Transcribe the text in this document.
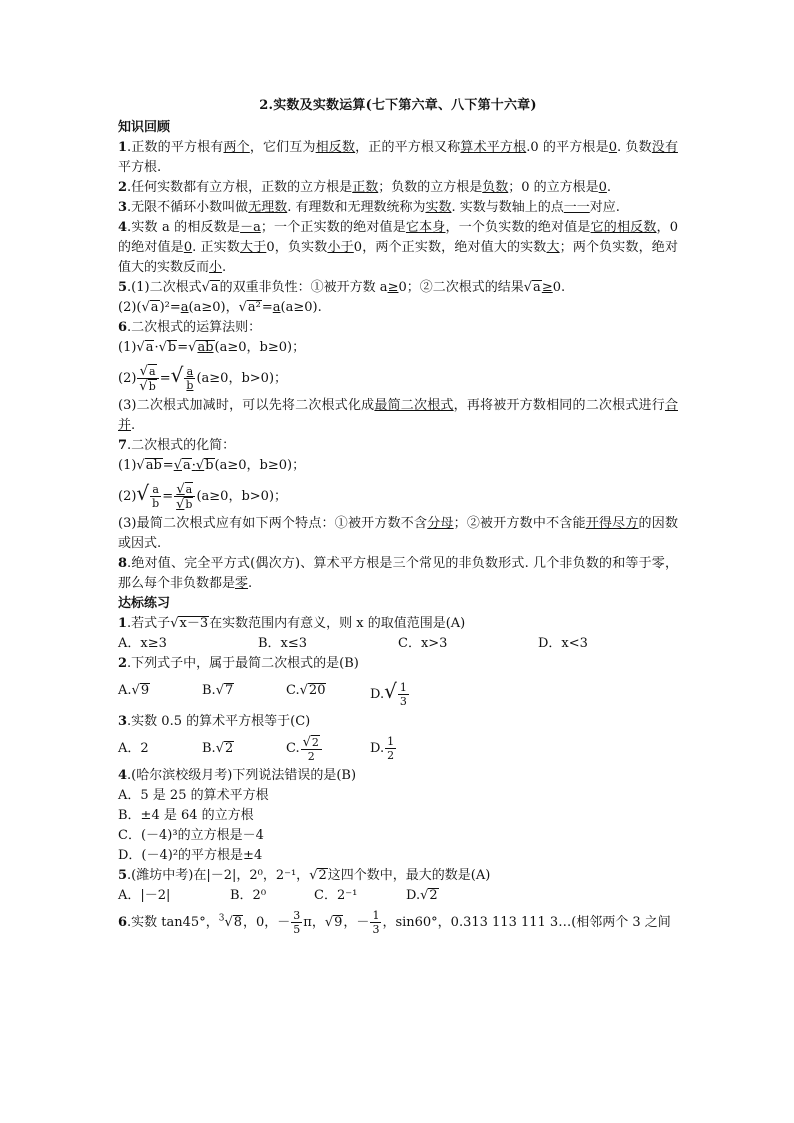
2.实数及实数运算(七下第六章、八下第十六章)
知识回顾

1.正数的平方根有两个，它们互为相反数，正的平方根又称算术平方根.0 的平方根是0. 负数没有平方根.

2.任何实数都有立方根，正数的立方根是正数；负数的立方根是负数；0 的立方根是0.

3.无限不循环小数叫做无理数. 有理数和无理数统称为实数. 实数与数轴上的点一一对应.

4.实数 a 的相反数是－a；一个正实数的绝对值是它本身，一个负实数的绝对值是它的相反数，0 的绝对值是0. 正实数大于0，负实数小于0，两个正实数，绝对值大的实数大；两个负实数，绝对值大的实数反而小.

5.(1)二次根式√a的双重非负性：①被开方数 a≥0；②二次根式的结果√a≥0.

(2)(√a)²=a(a≥0)，√a²=a(a≥0).

6.二次根式的运算法则：

(1)√a·√b=√ab(a≥0，b≥0)；

$(2) \frac{√a}{√b}$ =√ $\frac{a}{b} (a\ge 0$，b>0)；

(3)二次根式加减时，可以先将二次根式化成最简二次根式，再将被开方数相同的二次根式进行合并.

7.二次根式的化简：

(1)√ab=√a·√b(a≥0，b≥0)；

$(2)√ \frac{a}{b} = \frac{√a}{√b} (a\ge 0$，b>0)；

(3)最简二次根式应有如下两个特点：①被开方数不含分母；②被开方数中不含能开得尽方的因数或因式.

8.绝对值、完全平方式(偶次方)、算术平方根是三个常见的非负数形式. 几个非负数的和等于零，那么每个非负数都是零.

达标练习

1.若式子√x－3在实数范围内有意义，则 x 的取值范围是(A)

A．x≥3	B．x≤3	C．x>3	D．x<3

2.下列式子中，属于最简二次根式的是(B)

A.√9	B.√7	C.√20	$D.√ \frac{1}{3}$

3.实数 0.5 的算术平方根等于(C)

A．2	B.√2	C. $\frac{√2}{2}$	D. $\frac{1}{2}$

4.(哈尔滨校级月考)下列说法错误的是(B)

A．5 是 25 的算术平方根

B．±4 是 64 的立方根

C．(－4)³的立方根是－4

D．(－4)²的平方根是±4

5.(潍坊中考)在|－2|，2⁰，2⁻¹，√2这四个数中，最大的数是(A)

A．|－2|	B．2⁰	C．2⁻¹	D.√2

6.实数 tan45°，$^3$√8，0，－ $\frac{3}{5}$ π，√9，－ $\frac{1}{3}$ ，sin60°，0.313 113 111 3…(相邻两个 3 之间
